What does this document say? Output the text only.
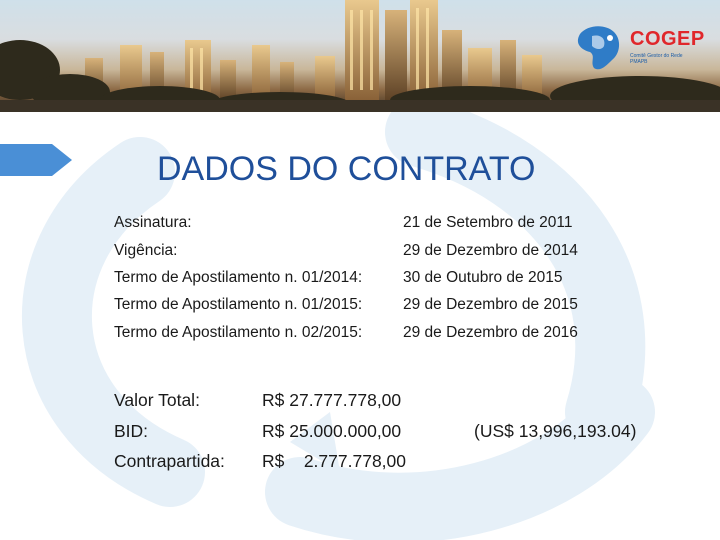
COGEP
Comitê Gestor do Rede PMAPB
DADOS DO CONTRATO
Assinatura:	21 de Setembro de 2011
Vigência:	29 de Dezembro de 2014
Termo de Apostilamento n. 01/2014:	30 de Outubro de 2015
Termo de Apostilamento n. 01/2015:	29 de Dezembro de 2015
Termo de Apostilamento n. 02/2015:	29 de Dezembro de 2016
Valor Total:	R$ 27.777.778,00
BID:	R$ 25.000.000,00	(US$ 13,996,193.04)
Contrapartida: R$    2.777.778,00
